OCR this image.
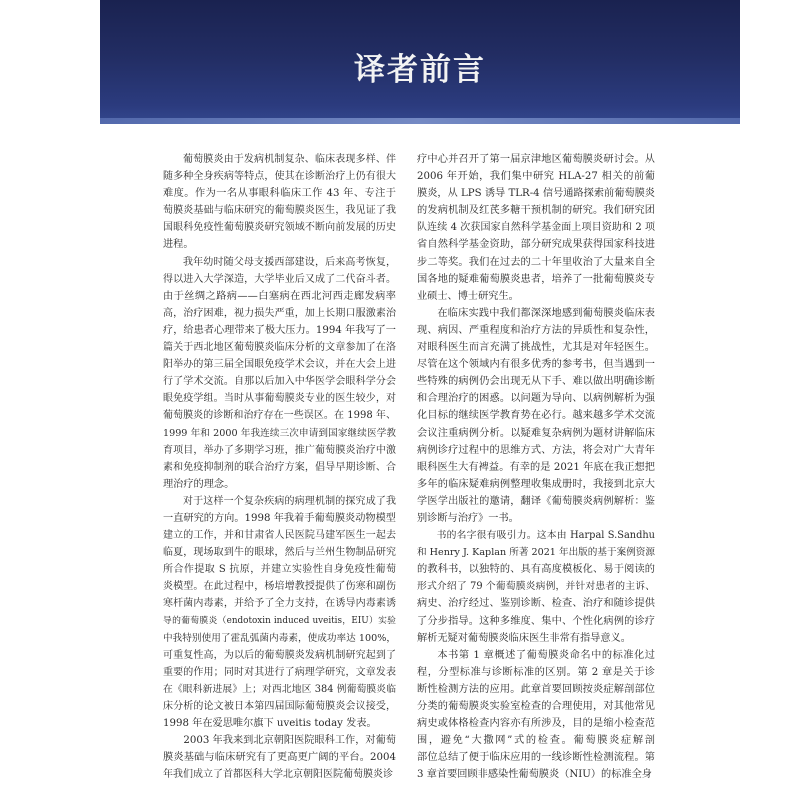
译者前言
葡萄膜炎由于发病机制复杂、临床表现多样、伴
随多种全身疾病等特点，使其在诊断治疗上仍有很大
难度。作为一名从事眼科临床工作 43 年、专注于
萄膜炎基础与临床研究的葡萄膜炎医生，我见证了我
国眼科免疫性葡萄膜炎研究领域不断向前发展的历史
进程。
我年幼时随父母支援西部建设，后来高考恢复，
得以进入大学深造，大学毕业后又成了二代奋斗者。
由于丝绸之路病——白塞病在西北河西走廊发病率
高，治疗困难，视力损失严重，加上长期口服激素治
疗，给患者心理带来了极大压力。1994 年我写了一
篇关于西北地区葡萄膜炎临床分析的文章参加了在洛
阳举办的第三届全国眼免疫学术会议，并在大会上进
行了学术交流。自那以后加入中华医学会眼科学分会
眼免疫学组。当时从事葡萄膜炎专业的医生较少，对
葡萄膜炎的诊断和治疗存在一些误区。在 1998 年、
1999 年和 2000 年我连续三次申请到国家继续医学教
育项目，举办了多期学习班，推广葡萄膜炎治疗中激
素和免疫抑制剂的联合治疗方案，倡导早期诊断、合
理治疗的理念。
对于这样一个复杂疾病的病理机制的探究成了我
一直研究的方向。1998 年我着手葡萄膜炎动物模型
建立的工作，并和甘肃省人民医院马建军医生一起去
临夏，现场取到牛的眼球，然后与兰州生物制品研究
所合作提取 S 抗原，并建立实验性自身免疫性葡萄
炎模型。在此过程中，杨培增教授提供了伤寒和副伤
寒杆菌内毒素，并给予了全力支持，在诱导内毒素诱
导的葡萄膜炎（endotoxin induced uveitis，EIU）实验
中我特别使用了霍乱弧菌内毒素，使成功率达 100%，
可重复性高，为以后的葡萄膜炎发病机制研究起到了
重要的作用；同时对其进行了病理学研究，文章发表
在《眼科新进展》上；对西北地区 384 例葡萄膜炎临
床分析的论文被日本第四届国际葡萄膜炎会议接受，
1998 年在爱思唯尔旗下 uveitis today 发表。
2003 年我来到北京朝阳医院眼科工作，对葡萄
膜炎基础与临床研究有了更高更广阔的平台。2004
年我们成立了首都医科大学北京朝阳医院葡萄膜炎诊
疗中心并召开了第一届京津地区葡萄膜炎研讨会。从
2006 年开始，我们集中研究 HLA-27 相关的前葡
膜炎，从 LPS 诱导 TLR-4 信号通路探索前葡萄膜炎
的发病机制及红芪多糖干预机制的研究。我们研究团
队连续 4 次获国家自然科学基金面上项目资助和 2 项
省自然科学基金资助，部分研究成果获得国家科技进
步二等奖。我们在过去的二十年里收治了大量来自全
国各地的疑难葡萄膜炎患者，培养了一批葡萄膜炎专
业硕士、博士研究生。
在临床实践中我们都深深地感到葡萄膜炎临床表
现、病因、严重程度和治疗方法的异质性和复杂性，
对眼科医生而言充满了挑战性，尤其是对年轻医生。
尽管在这个领域内有很多优秀的参考书，但当遇到一
些特殊的病例仍会出现无从下手、难以做出明确诊断
和合理治疗的困惑。以问题为导向、以病例解析为强
化目标的继续医学教育势在必行。越来越多学术交流
会议注重病例分析。以疑难复杂病例为题材讲解临床
病例诊疗过程中的思维方式、方法，将会对广大青年
眼科医生大有裨益。有幸的是 2021 年底在我正想把
多年的临床疑难病例整理收集成册时，我接到北京大
学医学出版社的邀请，翻译《葡萄膜炎病例解析：鉴
别诊断与治疗》一书。
书的名字很有吸引力。这本由 Harpal S.Sandhu
和 Henry J. Kaplan 所著 2021 年出版的基于案例资源
的教科书，以独特的、具有高度模板化、易于阅读的
形式介绍了 79 个葡萄膜炎病例，并针对患者的主诉、
病史、治疗经过、鉴别诊断、检查、治疗和随诊提供
了分步指导。这种多维度、集中、个性化病例的诊疗
解析无疑对葡萄膜炎临床医生非常有指导意义。
本书第 1 章概述了葡萄膜炎命名中的标准化过
程，分型标准与诊断标准的区别。第 2 章是关于诊
断性检测方法的应用。此章首要回顾按炎症解剖部位
分类的葡萄膜炎实验室检查的合理使用，对其他常见
病史或体格检查内容亦有所涉及，目的是缩小检查范
围，避免“大撒网”式的检查。葡萄膜炎症解剖
部位总结了便于临床应用的一线诊断性检测流程。第
3 章首要回顾非感染性葡萄膜炎（NIU）的标准全身
